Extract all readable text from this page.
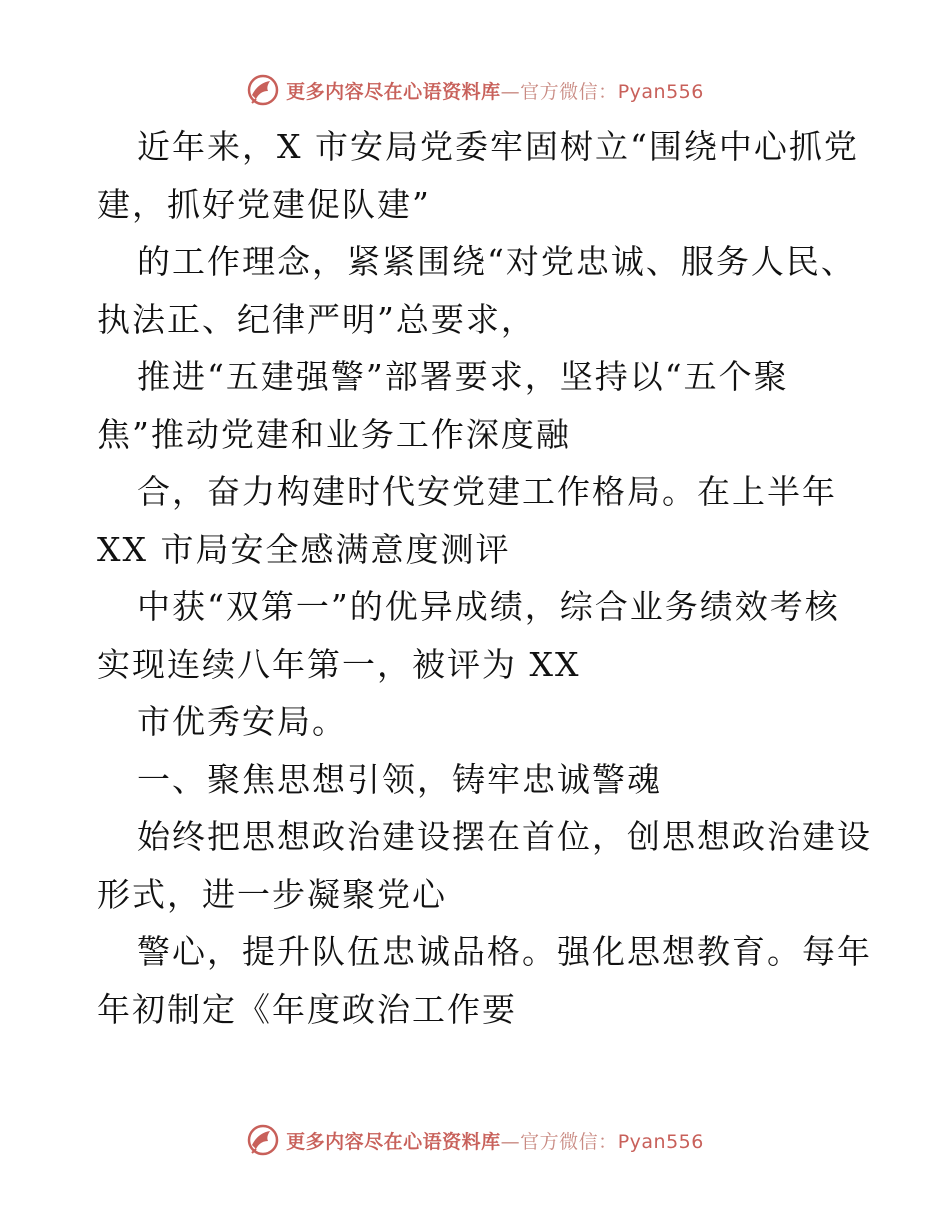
更多内容尽在心语资料库—官方微信：Pyan556
近年来，X 市安局党委牢固树立“围绕中心抓党
建，抓好党建促队建”
的工作理念，紧紧围绕“对党忠诚、服务人民、
执法正、纪律严明”总要求，
推进“五建强警”部署要求，坚持以“五个聚
焦”推动党建和业务工作深度融
合，奋力构建时代安党建工作格局。在上半年
XX 市局安全感满意度测评
中获“双第一”的优异成绩，综合业务绩效考核
实现连续八年第一，被评为 XX
市优秀安局。
一、聚焦思想引领，铸牢忠诚警魂
始终把思想政治建设摆在首位，创思想政治建设
形式，进一步凝聚党心
警心，提升队伍忠诚品格。强化思想教育。每年
年初制定《年度政治工作要
更多内容尽在心语资料库—官方微信：Pyan556
